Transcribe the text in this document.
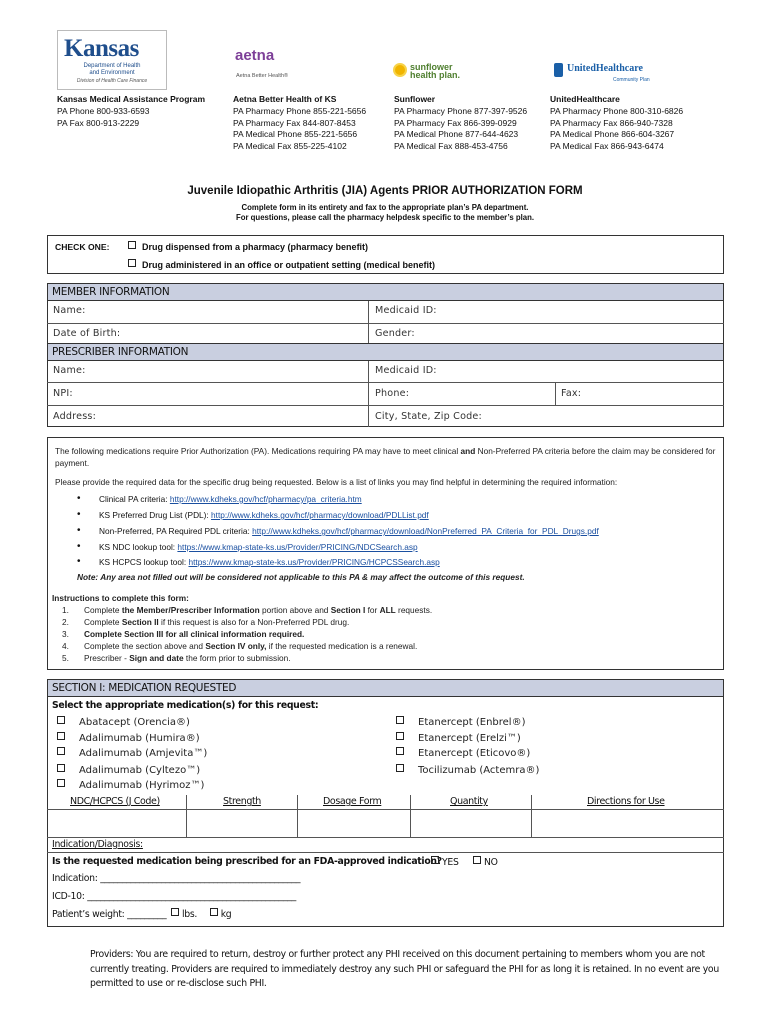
Kansas
Department of Health
and Environment
Division of Health Care Finance
aetna
Aetna Better Health®
sunflower
health plan.
UnitedHealthcare
Community Plan
Kansas Medical Assistance Program
PA Phone 800-933-6593
PA Fax 800-913-2229
Aetna Better Health of KS
PA Pharmacy Phone 855-221-5656
PA Pharmacy Fax 844-807-8453
PA Medical Phone 855-221-5656
PA Medical Fax 855-225-4102
Sunflower
PA Pharmacy Phone 877-397-9526
PA Pharmacy Fax 866-399-0929
PA Medical Phone 877-644-4623
PA Medical Fax 888-453-4756
UnitedHealthcare
PA Pharmacy Phone 800-310-6826
PA Pharmacy Fax 866-940-7328
PA Medical Phone 866-604-3267
PA Medical Fax 866-943-6474
Juvenile Idiopathic Arthritis (JIA) Agents PRIOR AUTHORIZATION FORM
Complete form in its entirety and fax to the appropriate plan’s PA department.
For questions, please call the pharmacy helpdesk specific to the member’s plan.
CHECK ONE:	Drug dispensed from a pharmacy (pharmacy benefit)
Drug administered in an office or outpatient setting (medical benefit)
MEMBER INFORMATION
Name:	Medicaid ID:
Date of Birth:	Gender:
PRESCRIBER INFORMATION
Name:	Medicaid ID:
NPI:	Phone:	Fax:
Address:	City, State, Zip Code:
The following medications require Prior Authorization (PA). Medications requiring PA may have to meet clinical and Non-Preferred PA criteria before the claim may be considered for payment.
Please provide the required data for the specific drug being requested. Below is a list of links you may find helpful in determining the required information:
• Clinical PA criteria: http://www.kdheks.gov/hcf/pharmacy/pa_criteria.htm
• KS Preferred Drug List (PDL): http://www.kdheks.gov/hcf/pharmacy/download/PDLList.pdf
• Non-Preferred, PA Required PDL criteria: http://www.kdheks.gov/hcf/pharmacy/download/NonPreferred_PA_Criteria_for_PDL_Drugs.pdf
• KS NDC lookup tool: https://www.kmap-state-ks.us/Provider/PRICING/NDCSearch.asp
• KS HCPCS lookup tool: https://www.kmap-state-ks.us/Provider/PRICING/HCPCSSearch.asp
Note: Any area not filled out will be considered not applicable to this PA & may affect the outcome of this request.
Instructions to complete this form:
1. Complete the Member/Prescriber Information portion above and Section I for ALL requests.
2. Complete Section II if this request is also for a Non-Preferred PDL drug.
3. Complete Section III for all clinical information required.
4. Complete the section above and Section IV only, if the requested medication is a renewal.
5. Prescriber - Sign and date the form prior to submission.
SECTION I: MEDICATION REQUESTED
Select the appropriate medication(s) for this request:
Abatacept (Orencia®)
Adalimumab (Humira®)
Adalimumab (Amjevita™)
Adalimumab (Cyltezo™)
Adalimumab (Hyrimoz™)
Etanercept (Enbrel®)
Etanercept (Erelzi™)
Etanercept (Eticovo®)
Tocilizumab (Actemra®)
NDC/HCPCS (J Code)	Strength	Dosage Form	Quantity	Directions for Use
Indication/Diagnosis:
Is the requested medication being prescribed for an FDA-approved indication? YES	NO
Indication: ______________________________________________
ICD-10: ________________________________________________
Patient’s weight: _________ lbs.	kg
Providers: You are required to return, destroy or further protect any PHI received on this document pertaining to members whom you are not currently treating. Providers are required to immediately destroy any such PHI or safeguard the PHI for as long it is retained. In no event are you permitted to use or re-disclose such PHI.
